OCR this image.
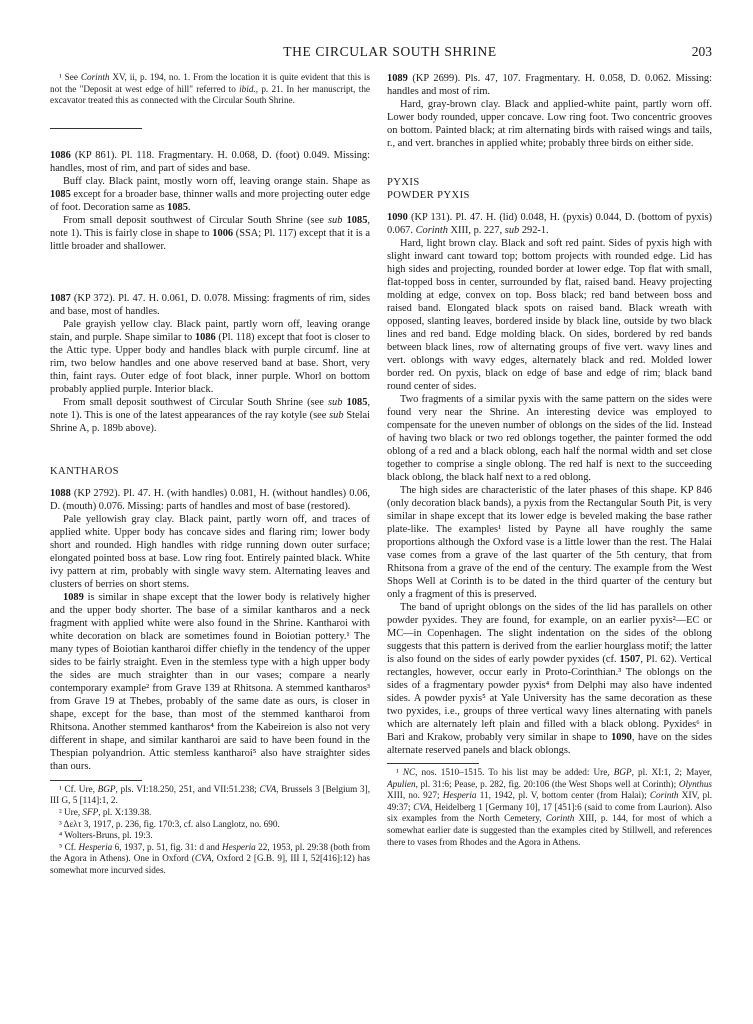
THE CIRCULAR SOUTH SHRINE	203

¹ See Corinth XV, ii, p. 194, no. 1. From the location it is quite evident that this is not the "Deposit at west edge of hill" referred to ibid., p. 21. In her manuscript, the excavator treated this as connected with the Circular South Shrine.

1086 (KP 861). Pl. 118. Fragmentary. H. 0.068, D. (foot) 0.049. Missing: handles, most of rim, and part of sides and base.

Buff clay. Black paint, mostly worn off, leaving orange stain. Shape as 1085 except for a broader base, thinner walls and more projecting outer edge of foot. Decoration same as 1085.

From small deposit southwest of Circular South Shrine (see sub 1085, note 1). This is fairly close in shape to 1006 (SSA; Pl. 117) except that it is a little broader and shallower.

1087 (KP 372). Pl. 47. H. 0.061, D. 0.078. Missing: fragments of rim, sides and base, most of handles.

Pale grayish yellow clay. Black paint, partly worn off, leaving orange stain, and purple. Shape similar to 1086 (Pl. 118) except that foot is closer to the Attic type. Upper body and handles black with purple circumf. line at rim, two below handles and one above reserved band at base. Short, very thin, faint rays. Outer edge of foot black, inner purple. Whorl on bottom probably applied purple. Interior black.

From small deposit southwest of Circular South Shrine (see sub 1085, note 1). This is one of the latest appearances of the ray kotyle (see sub Stelai Shrine A, p. 189b above).

KANTHAROS

1088 (KP 2792). Pl. 47. H. (with handles) 0.081, H. (without handles) 0.06, D. (mouth) 0.076. Missing: parts of handles and most of base (restored).

Pale yellowish gray clay. Black paint, partly worn off, and traces of applied white. Upper body has concave sides and flaring rim; lower body short and rounded. High handles with ridge running down outer surface; elongated pointed boss at base. Low ring foot. Entirely painted black. White ivy pattern at rim, probably with single wavy stem. Alternating leaves and clusters of berries on short stems.

1089 is similar in shape except that the lower body is relatively higher and the upper body shorter. The base of a similar kantharos and a neck fragment with applied white were also found in the Shrine. Kantharoi with white decoration on black are sometimes found in Boiotian pottery.¹ The many types of Boiotian kantharoi differ chiefly in the tendency of the upper sides to be fairly straight. Even in the stemless type with a high upper body the sides are much straighter than in our vases; compare a nearly contemporary example² from Grave 139 at Rhitsona. A stemmed kantharos³ from Grave 19 at Thebes, probably of the same date as ours, is closer in shape, except for the base, than most of the stemmed kantharoi from Rhitsona. Another stemmed kantharos⁴ from the Kabeireion is also not very different in shape, and similar kantharoi are said to have been found in the Thespian polyandrion. Attic stemless kantharoi⁵ also have straighter sides than ours.

¹ Cf. Ure, BGP, pls. VI:18.250, 251, and VII:51.238; CVA, Brussels 3 [Belgium 3], III G, 5 [114]:1, 2.

² Ure, SFP, pl. X:139.38.

³ Δελτ 3, 1917, p. 236, fig. 170:3, cf. also Langlotz, no. 690.

⁴ Wolters-Bruns, pl. 19:3.

⁵ Cf. Hesperia 6, 1937, p. 51, fig. 31: d and Hesperia 22, 1953, pl. 29:38 (both from the Agora in Athens). One in Oxford (CVA, Oxford 2 [G.B. 9], III I, 52[416]:12) has somewhat more incurved sides.

1089 (KP 2699). Pls. 47, 107. Fragmentary. H. 0.058, D. 0.062. Missing: handles and most of rim.

Hard, gray-brown clay. Black and applied-white paint, partly worn off. Lower body rounded, upper concave. Low ring foot. Two concentric grooves on bottom. Painted black; at rim alternating birds with raised wings and tails, r., and vert. branches in applied white; probably three birds on either side.

PYXIS

POWDER PYXIS

1090 (KP 131). Pl. 47. H. (lid) 0.048, H. (pyxis) 0.044, D. (bottom of pyxis) 0.067. Corinth XIII, p. 227, sub 292-1.

Hard, light brown clay. Black and soft red paint. Sides of pyxis high with slight inward cant toward top; bottom projects with rounded edge. Lid has high sides and projecting, rounded border at lower edge. Top flat with small, flat-topped boss in center, surrounded by flat, raised band. Heavy projecting molding at edge, convex on top. Boss black; red band between boss and raised band. Elongated black spots on raised band. Black wreath with opposed, slanting leaves, bordered inside by black line, outside by two black lines and red band. Edge molding black. On sides, bordered by red bands between black lines, row of alternating groups of five vert. wavy lines and vert. oblongs with wavy edges, alternately black and red. Molded lower border red. On pyxis, black on edge of base and edge of rim; black band round center of sides.

Two fragments of a similar pyxis with the same pattern on the sides were found very near the Shrine. An interesting device was employed to compensate for the uneven number of oblongs on the sides of the lid. Instead of having two black or two red oblongs together, the painter formed the odd oblong of a red and a black oblong, each half the normal width and set close together to comprise a single oblong. The red half is next to the succeeding black oblong, the black half next to a red oblong.

The high sides are characteristic of the later phases of this shape. KP 846 (only decoration black bands), a pyxis from the Rectangular South Pit, is very similar in shape except that its lower edge is beveled making the base rather plate-like. The examples¹ listed by Payne all have roughly the same proportions although the Oxford vase is a little lower than the rest. The Halai vase comes from a grave of the last quarter of the 5th century, that from Rhitsona from a grave of the end of the century. The example from the West Shops Well at Corinth is to be dated in the third quarter of the century but only a fragment of this is preserved.

The band of upright oblongs on the sides of the lid has parallels on other powder pyxides. They are found, for example, on an earlier pyxis²—EC or MC—in Copenhagen. The slight indentation on the sides of the oblong suggests that this pattern is derived from the earlier hourglass motif; the latter is also found on the sides of early powder pyxides (cf. 1507, Pl. 62). Vertical rectangles, however, occur early in Proto-Corinthian.³ The oblongs on the sides of a fragmentary powder pyxis⁴ from Delphi may also have indented sides. A powder pyxis⁵ at Yale University has the same decoration as these two pyxides, i.e., groups of three vertical wavy lines alternating with panels which are alternately left plain and filled with a black oblong. Pyxides⁶ in Bari and Krakow, probably very similar in shape to 1090, have on the sides alternate reserved panels and black oblongs.

¹ NC, nos. 1510–1515. To his list may be added: Ure, BGP, pl. XI:1, 2; Mayer, Apulien, pl. 31:6; Pease, p. 282, fig. 20:106 (the West Shops well at Corinth); Olynthus XIII, no. 927; Hesperia 11, 1942, pl. V, bottom center (from Halai); Corinth XIV, pl. 49:37; CVA, Heidelberg 1 [Germany 10], 17 [451]:6 (said to come from Laurion). Also six examples from the North Cemetery, Corinth XIII, p. 144, for most of which a somewhat earlier date is suggested than the examples cited by Stillwell, and references there to vases from Rhodes and the Agora in Athens.
